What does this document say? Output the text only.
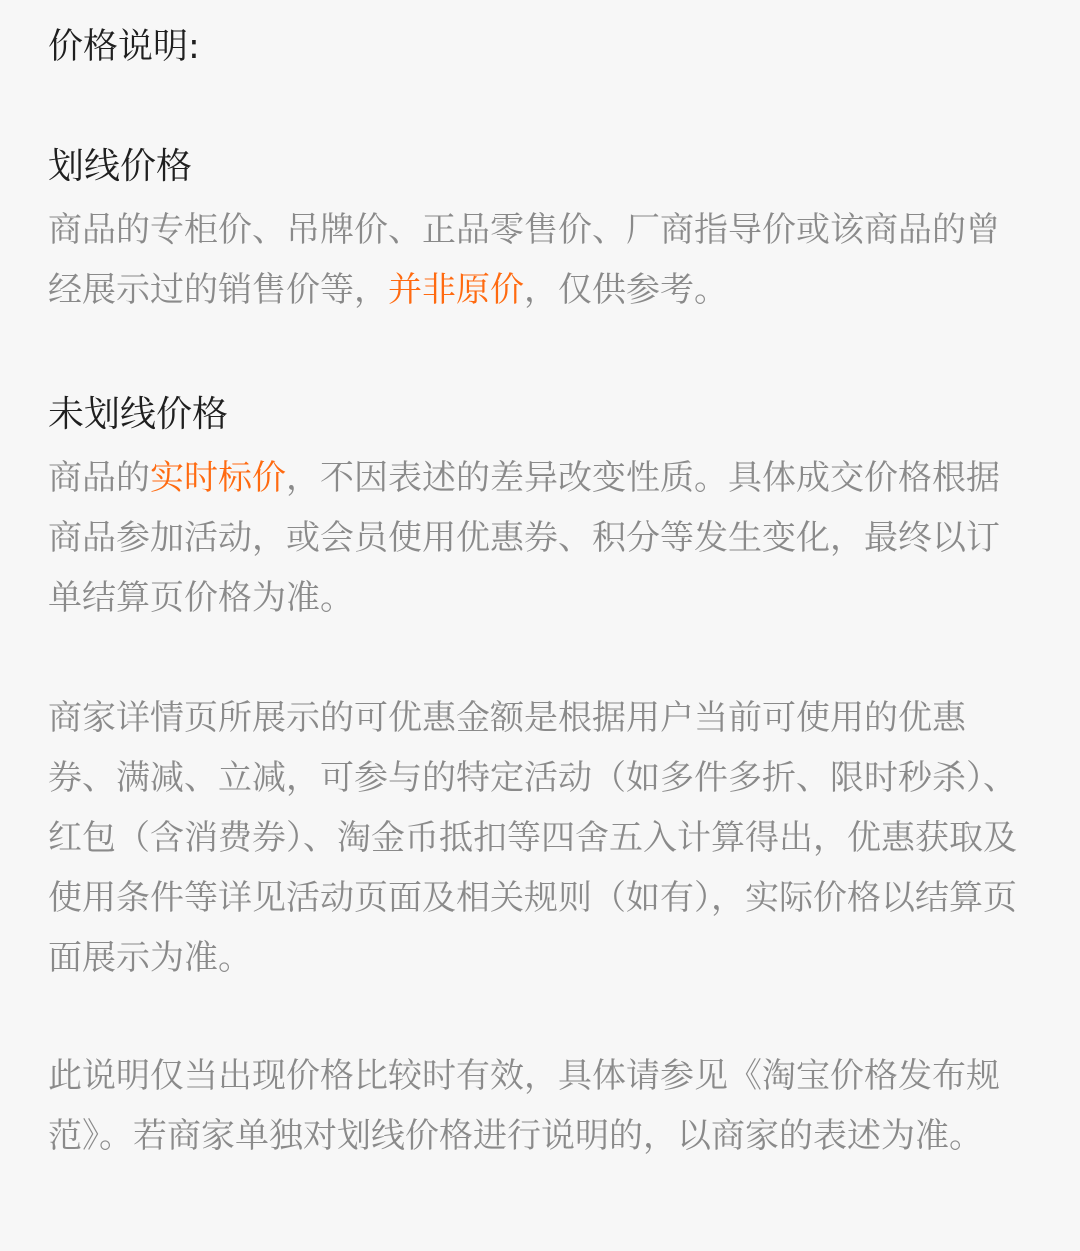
价格说明:
划线价格

商品的专柜价、吊牌价、正品零售价、厂商指导价或该商品的曾经展示过的销售价等，并非原价，仅供参考。

未划线价格

商品的实时标价，不因表述的差异改变性质。具体成交价格根据商品参加活动，或会员使用优惠券、积分等发生变化，最终以订单结算页价格为准。

商家详情页所展示的可优惠金额是根据用户当前可使用的优惠券、满减、立减，可参与的特定活动（如多件多折、限时秒杀）、红包（含消费券）、淘金币抵扣等四舍五入计算得出，优惠获取及使用条件等详见活动页面及相关规则（如有），实际价格以结算页面展示为准。

此说明仅当出现价格比较时有效，具体请参见《淘宝价格发布规范》。若商家单独对划线价格进行说明的，以商家的表述为准。
